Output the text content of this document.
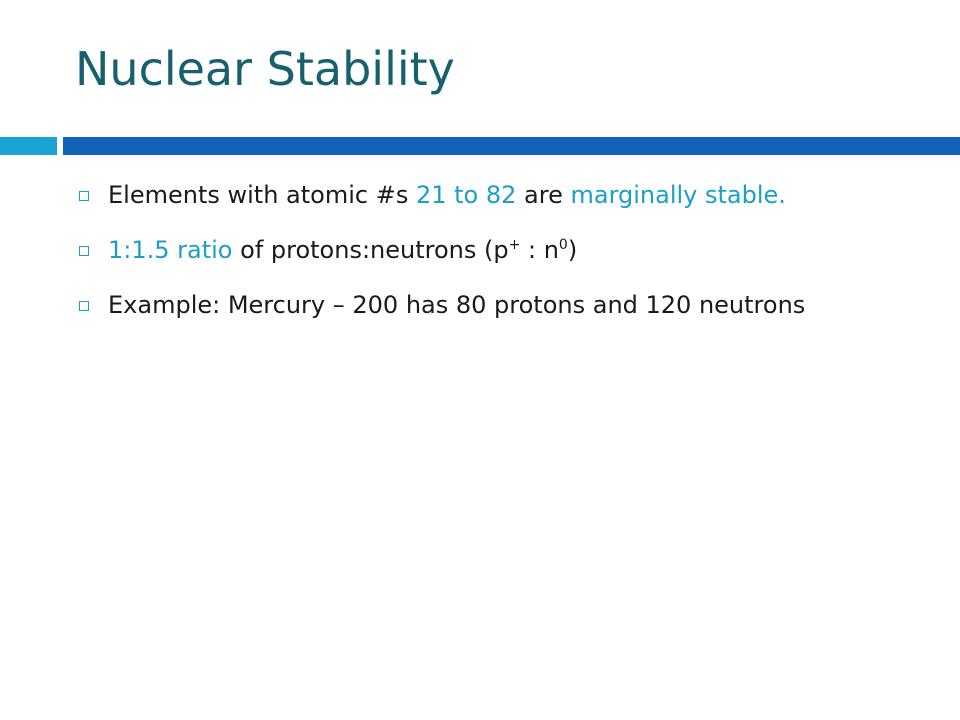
Nuclear Stability
Elements with atomic #s 21 to 82 are marginally stable.
1:1.5 ratio of protons:neutrons (p+ : $n^0$)
Example: Mercury – 200 has 80 protons and 120 neutrons
